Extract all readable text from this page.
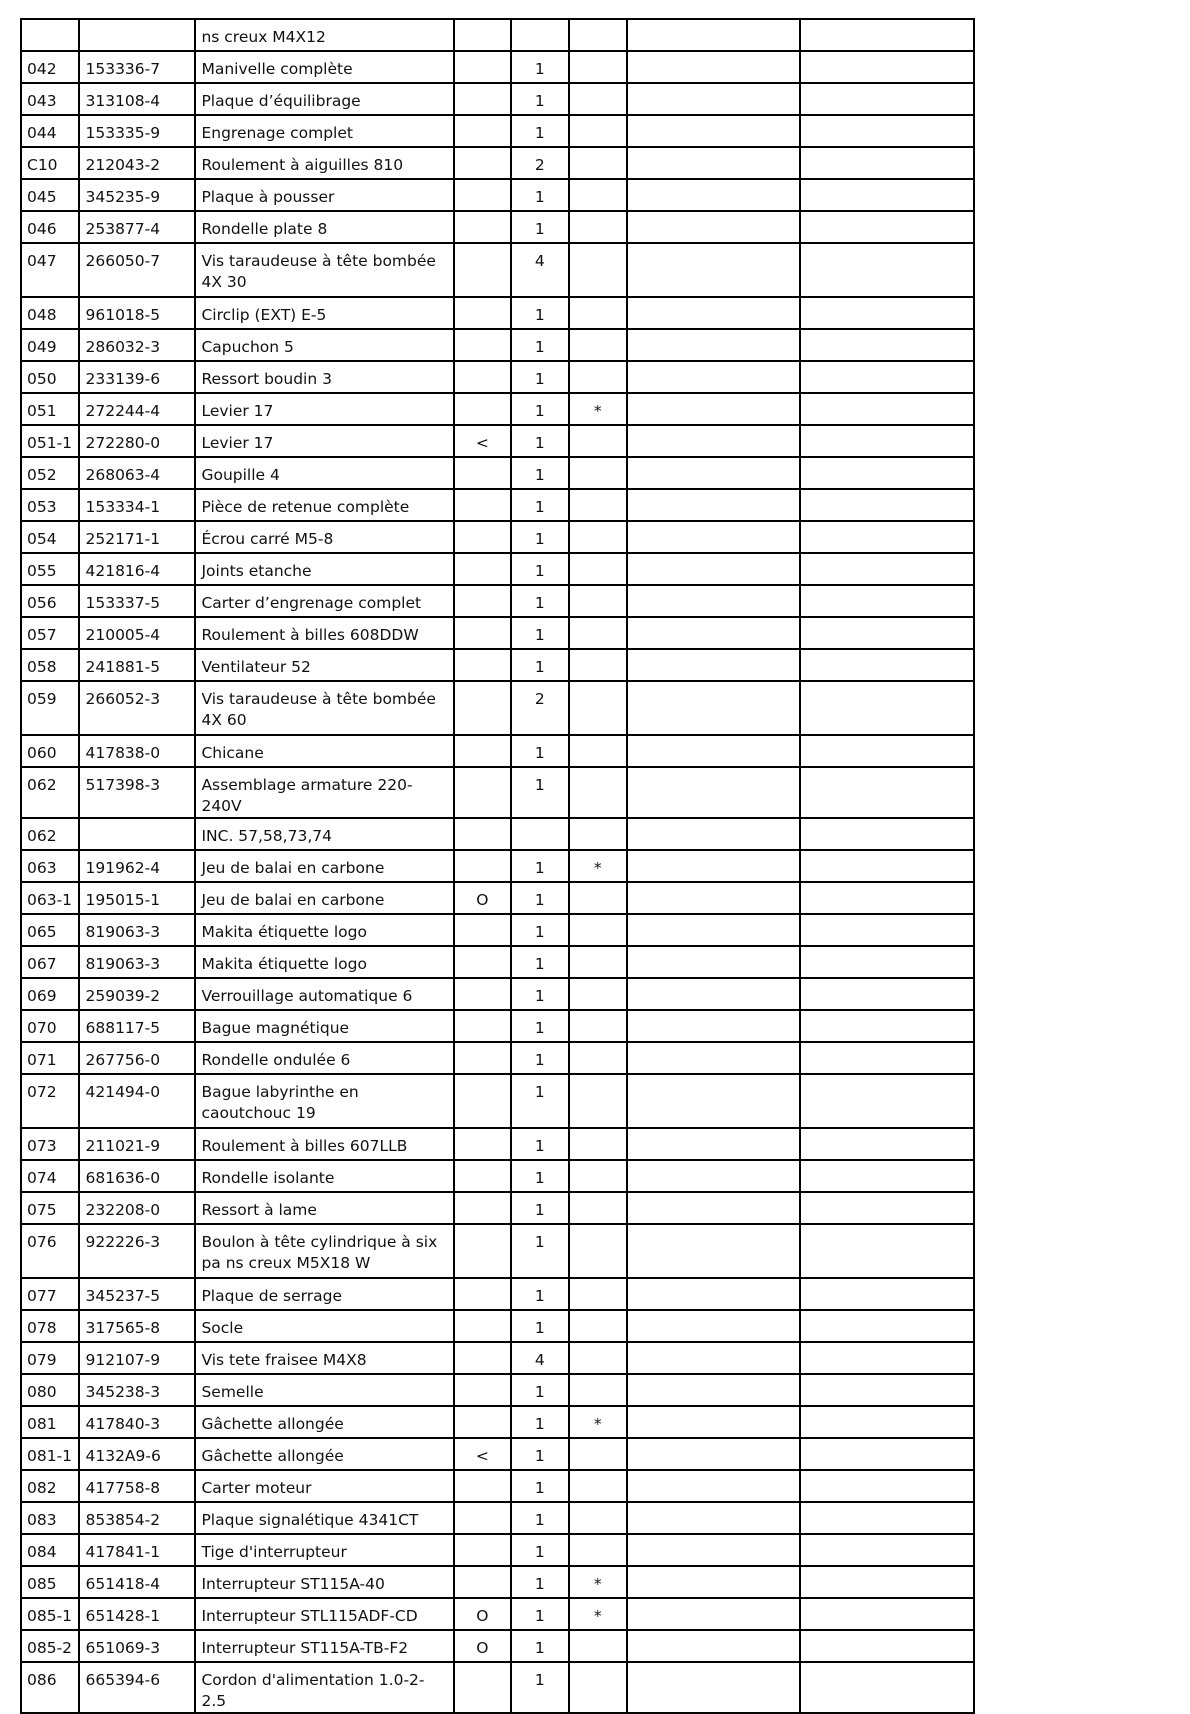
		ns creux M4X12					
042	153336-7	Manivelle complète		1			
043	313108-4	Plaque d’équilibrage		1			
044	153335-9	Engrenage complet		1			
C10	212043-2	Roulement à aiguilles 810		2			
045	345235-9	Plaque à pousser		1			
046	253877-4	Rondelle plate 8		1			
047	266050-7	Vis taraudeuse à tête bombée 4X 30		4			
048	961018-5	Circlip (EXT) E-5		1			
049	286032-3	Capuchon 5		1			
050	233139-6	Ressort boudin 3		1			
051	272244-4	Levier 17		1	*		
051-1	272280-0	Levier 17	<	1			
052	268063-4	Goupille 4		1			
053	153334-1	Pièce de retenue complète		1			
054	252171-1	Écrou carré M5-8		1			
055	421816-4	Joints etanche		1			
056	153337-5	Carter d’engrenage complet		1			
057	210005-4	Roulement à billes 608DDW		1			
058	241881-5	Ventilateur 52		1			
059	266052-3	Vis taraudeuse à tête bombée 4X 60		2			
060	417838-0	Chicane		1			
062	517398-3	Assemblage armature 220-240V		1			
062		INC. 57,58,73,74					
063	191962-4	Jeu de balai en carbone		1	*		
063-1	195015-1	Jeu de balai en carbone	O	1			
065	819063-3	Makita étiquette logo		1			
067	819063-3	Makita étiquette logo		1			
069	259039-2	Verrouillage automatique 6		1			
070	688117-5	Bague magnétique		1			
071	267756-0	Rondelle ondulée 6		1			
072	421494-0	Bague labyrinthe en caoutchouc 19		1			
073	211021-9	Roulement à billes 607LLB		1			
074	681636-0	Rondelle isolante		1			
075	232208-0	Ressort à lame		1			
076	922226-3	Boulon à tête cylindrique à six pa ns creux M5X18 W		1			
077	345237-5	Plaque de serrage		1			
078	317565-8	Socle		1			
079	912107-9	Vis tete fraisee M4X8		4			
080	345238-3	Semelle		1			
081	417840-3	Gâchette allongée		1	*		
081-1	4132A9-6	Gâchette allongée	<	1			
082	417758-8	Carter moteur		1			
083	853854-2	Plaque signalétique 4341CT		1			
084	417841-1	Tige d'interrupteur		1			
085	651418-4	Interrupteur ST115A-40		1	*		
085-1	651428-1	Interrupteur STL115ADF-CD	O	1	*		
085-2	651069-3	Interrupteur ST115A-TB-F2	O	1			
086	665394-6	Cordon d'alimentation 1.0-2-2.5		1			
